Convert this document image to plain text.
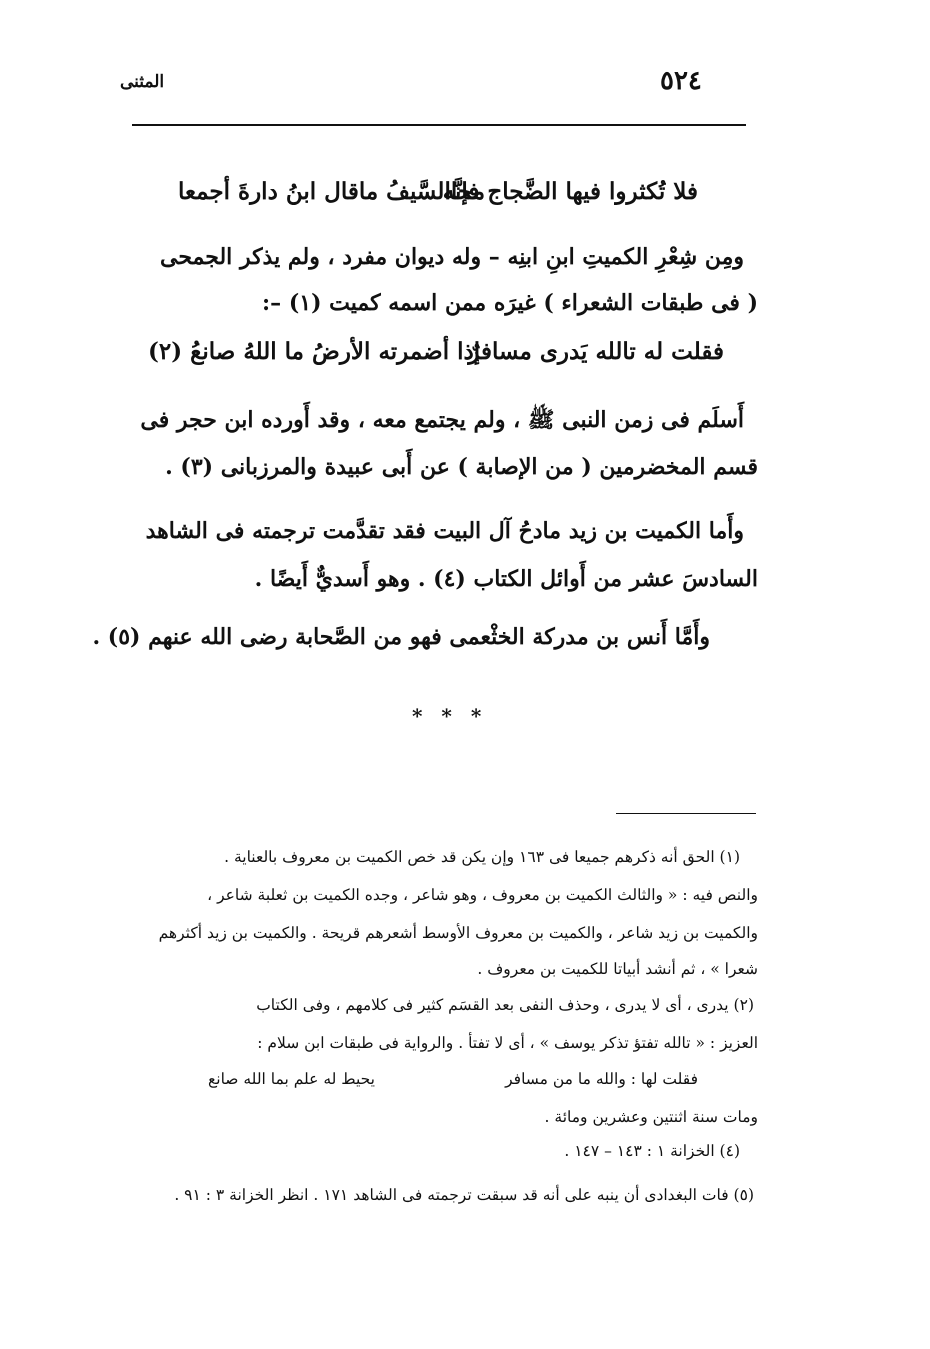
٥٢٤
المثنى
فلا تُكثروا فيها الضَّجاج فإنَّه
محاالسَّيفُ ماقال ابنُ دارةَ أجمعا
ومِن شِعْرِ الكميتِ ابنِ ابنِه – وله ديوان مفرد ، ولم يذكر الجمحى
( فى طبقات الشعراء ) غيرَه ممن اسمه كميت (١) –:
فقلت له تالله يَدرى مسافرٌ
إذا أضمرته الأرضُ ما اللهُ صانعُ (٢)
أَسلَم فى زمن النبى ﷺ ، ولم يجتمع معه ، وقد أَورده ابن حجر فى
قسم المخضرمين ( من الإصابة ) عن أَبى عبيدة والمرزبانى (٣) .
وأَما الكميت بن زيد مادحُ آل البيت فقد تقدَّمت ترجمته فى الشاهد
السادسَ عشر من أَوائل الكتاب (٤) . وهو أَسديٌّ أَيضًا .
وأَمَّا أَنس بن مدركة الخثْعمى فهو من الصَّحابة رضى الله عنهم (٥) .
* * *
(١) الحق أنه ذكرهم جميعا فى ١٦٣ وإن يكن قد خص الكميت بن معروف بالعناية .
والنص فيه : « والثالث الكميت بن معروف ، وهو شاعر ، وجده الكميت بن ثعلبة شاعر ،
والكميت بن زيد شاعر ، والكميت بن معروف الأوسط أشعرهم قريحة . والكميت بن زيد أكثرهم
شعرا » ، ثم أنشد أبياتا للكميت بن معروف .
(٢) يدرى ، أى لا يدرى ، وحذف النفى بعد القسَم كثير فى كلامهم ، وفى الكتاب
العزيز : « تالله تفتؤ تذكر يوسف » ، أى لا تفتأ . والرواية فى طبقات ابن سلام :
فقلت لها : والله ما من مسافر
يحيط له علم بما الله صانع
ومات سنة اثنتين وعشرين ومائة .
(٤) الخزانة ١ : ١٤٣ – ١٤٧ .
(٥) فات البغدادى أن ينبه على أنه قد سبقت ترجمته فى الشاهد ١٧١ . انظر الخزانة ٣ : ٩١ .
